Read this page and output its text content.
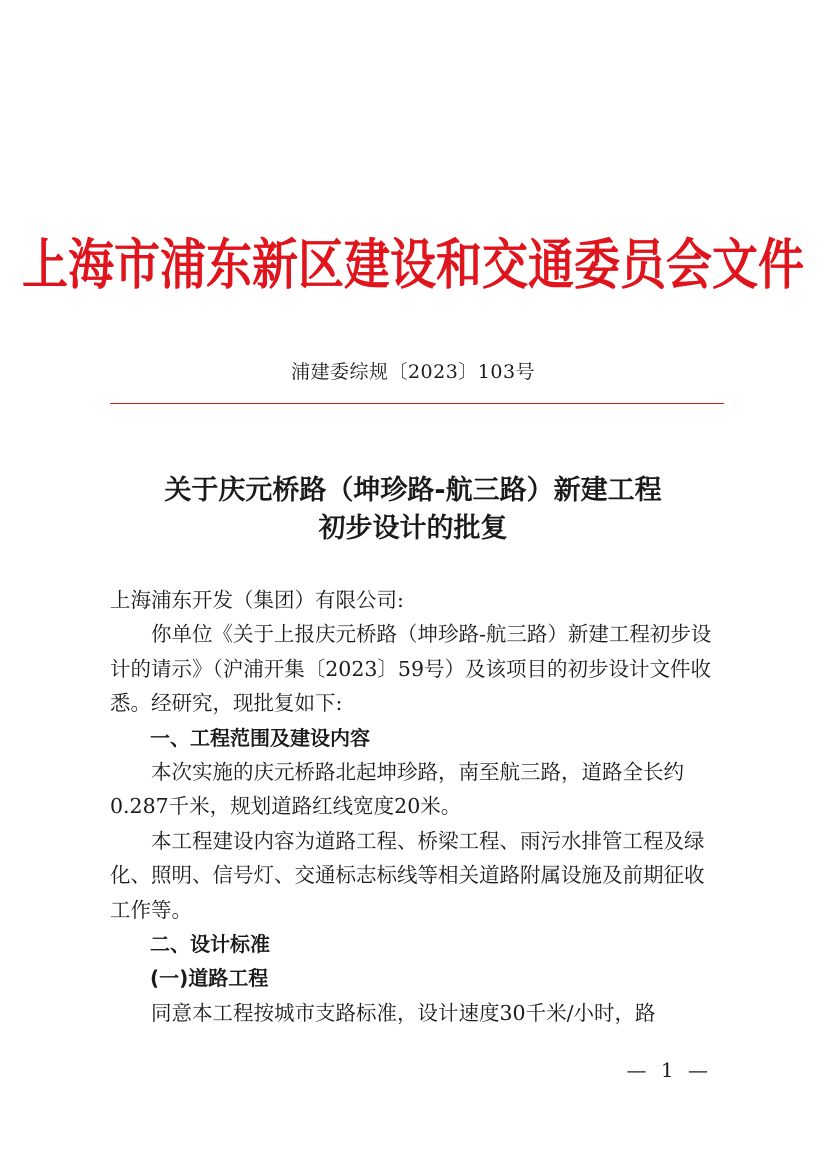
上海市浦东新区建设和交通委员会文件
浦建委综规〔2023〕103号
关于庆元桥路（坤珍路-航三路）新建工程
初步设计的批复

上海浦东开发（集团）有限公司:

你单位《关于上报庆元桥路（坤珍路-航三路）新建工程初步设计的请示》（沪浦开集〔2023〕59号）及该项目的初步设计文件收悉。经研究，现批复如下:

一、工程范围及建设内容

本次实施的庆元桥路北起坤珍路，南至航三路，道路全长约0.287千米，规划道路红线宽度20米。

本工程建设内容为道路工程、桥梁工程、雨污水排管工程及绿化、照明、信号灯、交通标志标线等相关道路附属设施及前期征收工作等。

二、设计标准

(一)道路工程

同意本工程按城市支路标准，设计速度30千米/小时，路

— 1 —
